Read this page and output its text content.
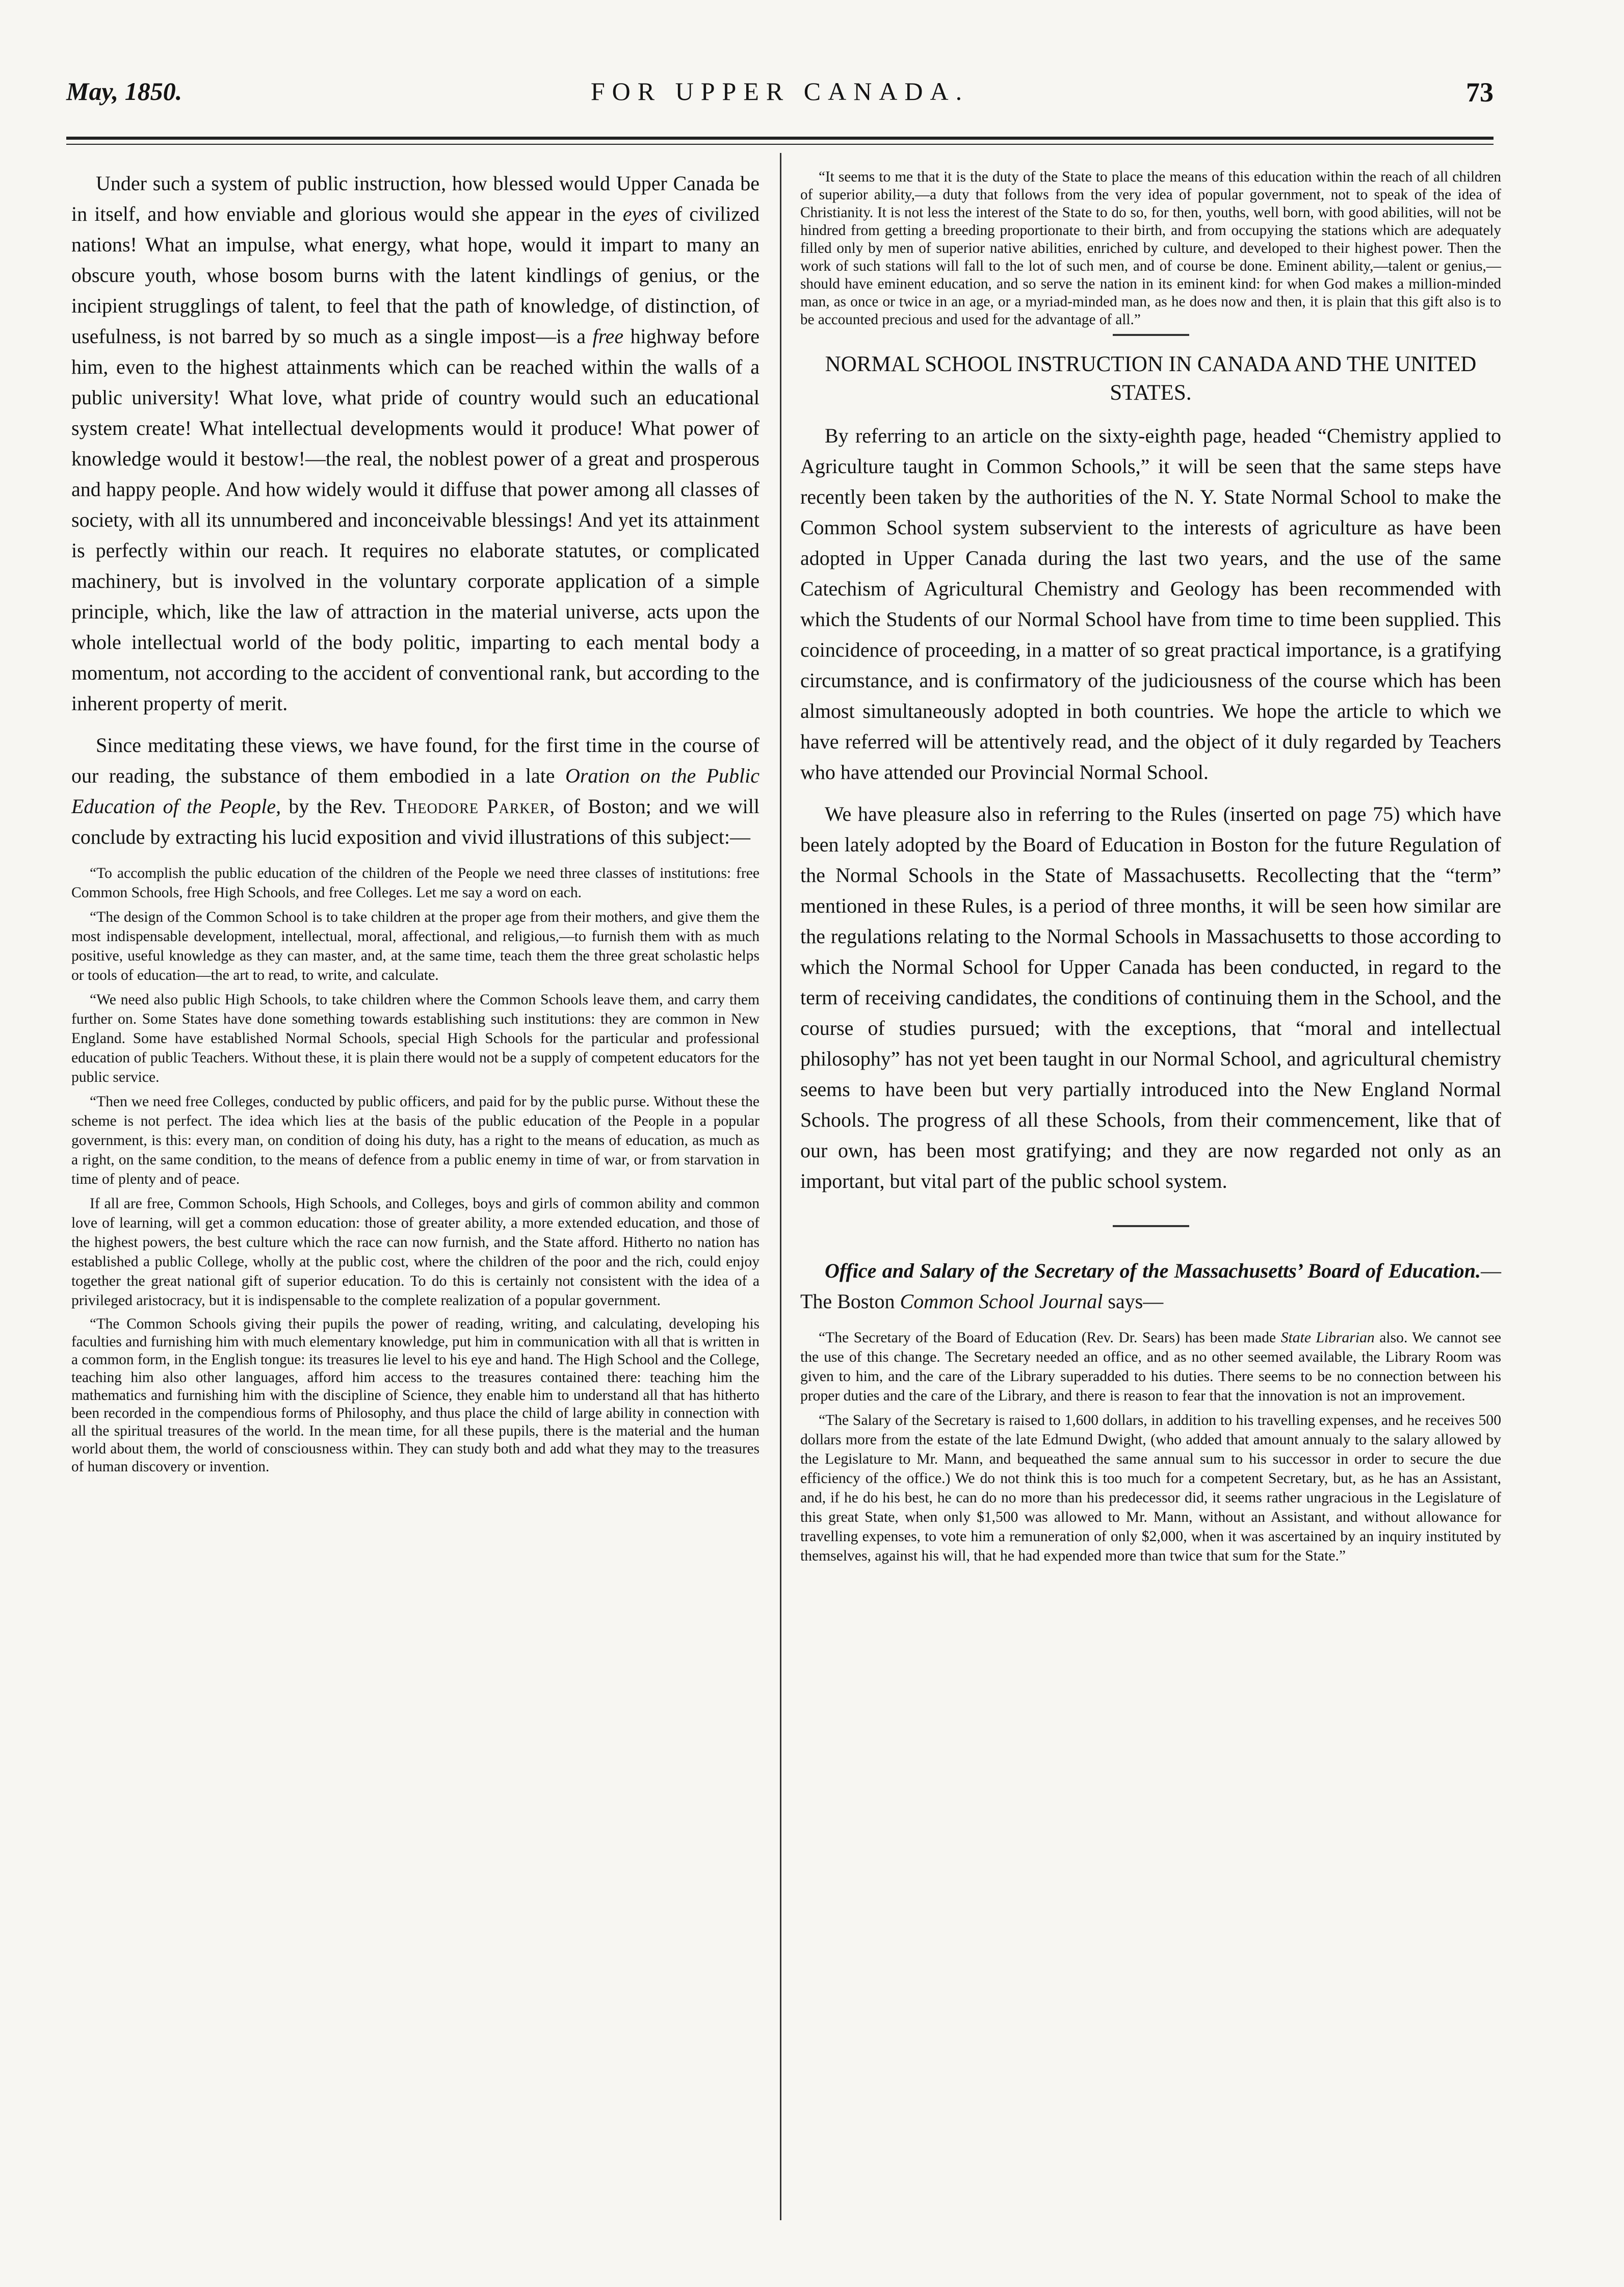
May, 1850.	FOR UPPER CANADA.	73

Under such a system of public instruction, how blessed would Upper Canada be in itself, and how enviable and glorious would she appear in the eyes of civilized nations! What an impulse, what energy, what hope, would it impart to many an obscure youth, whose bosom burns with the latent kindlings of genius, or the incipient strugglings of talent, to feel that the path of knowledge, of distinction, of usefulness, is not barred by so much as a single impost—is a free highway before him, even to the highest attainments which can be reached within the walls of a public university! What love, what pride of country would such an educational system create! What intellectual developments would it produce! What power of knowledge would it bestow!—the real, the noblest power of a great and prosperous and happy people. And how widely would it diffuse that power among all classes of society, with all its unnumbered and inconceivable blessings! And yet its attainment is perfectly within our reach. It requires no elaborate statutes, or complicated machinery, but is involved in the voluntary corporate application of a simple principle, which, like the law of attraction in the material universe, acts upon the whole intellectual world of the body politic, imparting to each mental body a momentum, not according to the accident of conventional rank, but according to the inherent property of merit.

Since meditating these views, we have found, for the first time in the course of our reading, the substance of them embodied in a late Oration on the Public Education of the People, by the Rev. Theodore Parker, of Boston; and we will conclude by extracting his lucid exposition and vivid illustrations of this subject:—

“To accomplish the public education of the children of the People we need three classes of institutions: free Common Schools, free High Schools, and free Colleges. Let me say a word on each.

“The design of the Common School is to take children at the proper age from their mothers, and give them the most indispensable development, intellectual, moral, affectional, and religious,—to furnish them with as much positive, useful knowledge as they can master, and, at the same time, teach them the three great scholastic helps or tools of education—the art to read, to write, and calculate.

“We need also public High Schools, to take children where the Common Schools leave them, and carry them further on. Some States have done something towards establishing such institutions: they are common in New England. Some have established Normal Schools, special High Schools for the particular and professional education of public Teachers. Without these, it is plain there would not be a supply of competent educators for the public service.

“Then we need free Colleges, conducted by public officers, and paid for by the public purse. Without these the scheme is not perfect. The idea which lies at the basis of the public education of the People in a popular government, is this: every man, on condition of doing his duty, has a right to the means of education, as much as a right, on the same condition, to the means of defence from a public enemy in time of war, or from starvation in time of plenty and of peace.

If all are free, Common Schools, High Schools, and Colleges, boys and girls of common ability and common love of learning, will get a common education: those of greater ability, a more extended education, and those of the highest powers, the best culture which the race can now furnish, and the State afford. Hitherto no nation has established a public College, wholly at the public cost, where the children of the poor and the rich, could enjoy together the great national gift of superior education. To do this is certainly not consistent with the idea of a privileged aristocracy, but it is indispensable to the complete realization of a popular government.

“The Common Schools giving their pupils the power of reading, writing, and calculating, developing his faculties and furnishing him with much elementary knowledge, put him in communication with all that is written in a common form, in the English tongue: its treasures lie level to his eye and hand. The High School and the College, teaching him also other languages, afford him access to the treasures contained there: teaching him the mathematics and furnishing him with the discipline of Science, they enable him to understand all that has hitherto been recorded in the compendious forms of Philosophy, and thus place the child of large ability in connection with all the spiritual treasures of the world. In the mean time, for all these pupils, there is the material and the human world about them, the world of consciousness within. They can study both and add what they may to the treasures of human discovery or invention.

“It seems to me that it is the duty of the State to place the means of this education within the reach of all children of superior ability,—a duty that follows from the very idea of popular government, not to speak of the idea of Christianity. It is not less the interest of the State to do so, for then, youths, well born, with good abilities, will not be hindred from getting a breeding proportionate to their birth, and from occupying the stations which are adequately filled only by men of superior native abilities, enriched by culture, and developed to their highest power. Then the work of such stations will fall to the lot of such men, and of course be done. Eminent ability,—talent or genius,—should have eminent education, and so serve the nation in its eminent kind: for when God makes a million-minded man, as once or twice in an age, or a myriad-minded man, as he does now and then, it is plain that this gift also is to be accounted precious and used for the advantage of all.”

NORMAL SCHOOL INSTRUCTION IN CANADA AND THE UNITED STATES.

By referring to an article on the sixty-eighth page, headed “Chemistry applied to Agriculture taught in Common Schools,” it will be seen that the same steps have recently been taken by the authorities of the N. Y. State Normal School to make the Common School system subservient to the interests of agriculture as have been adopted in Upper Canada during the last two years, and the use of the same Catechism of Agricultural Chemistry and Geology has been recommended with which the Students of our Normal School have from time to time been supplied. This coincidence of proceeding, in a matter of so great practical importance, is a gratifying circumstance, and is confirmatory of the judiciousness of the course which has been almost simultaneously adopted in both countries. We hope the article to which we have referred will be attentively read, and the object of it duly regarded by Teachers who have attended our Provincial Normal School.

We have pleasure also in referring to the Rules (inserted on page 75) which have been lately adopted by the Board of Education in Boston for the future Regulation of the Normal Schools in the State of Massachusetts. Recollecting that the “term” mentioned in these Rules, is a period of three months, it will be seen how similar are the regulations relating to the Normal Schools in Massachusetts to those according to which the Normal School for Upper Canada has been conducted, in regard to the term of receiving candidates, the conditions of continuing them in the School, and the course of studies pursued; with the exceptions, that “moral and intellectual philosophy” has not yet been taught in our Normal School, and agricultural chemistry seems to have been but very partially introduced into the New England Normal Schools. The progress of all these Schools, from their commencement, like that of our own, has been most gratifying; and they are now regarded not only as an important, but vital part of the public school system.

Office and Salary of the Secretary of the Massachusetts’ Board of Education.—The Boston Common School Journal says—

“The Secretary of the Board of Education (Rev. Dr. Sears) has been made State Librarian also. We cannot see the use of this change. The Secretary needed an office, and as no other seemed available, the Library Room was given to him, and the care of the Library superadded to his duties. There seems to be no connection between his proper duties and the care of the Library, and there is reason to fear that the innovation is not an improvement.

“The Salary of the Secretary is raised to 1,600 dollars, in addition to his travelling expenses, and he receives 500 dollars more from the estate of the late Edmund Dwight, (who added that amount annualy to the salary allowed by the Legislature to Mr. Mann, and bequeathed the same annual sum to his successor in order to secure the due efficiency of the office.) We do not think this is too much for a competent Secretary, but, as he has an Assistant, and, if he do his best, he can do no more than his predecessor did, it seems rather ungracious in the Legislature of this great State, when only $1,500 was allowed to Mr. Mann, without an Assistant, and without allowance for travelling expenses, to vote him a remuneration of only $2,000, when it was ascertained by an inquiry instituted by themselves, against his will, that he had expended more than twice that sum for the State.”
